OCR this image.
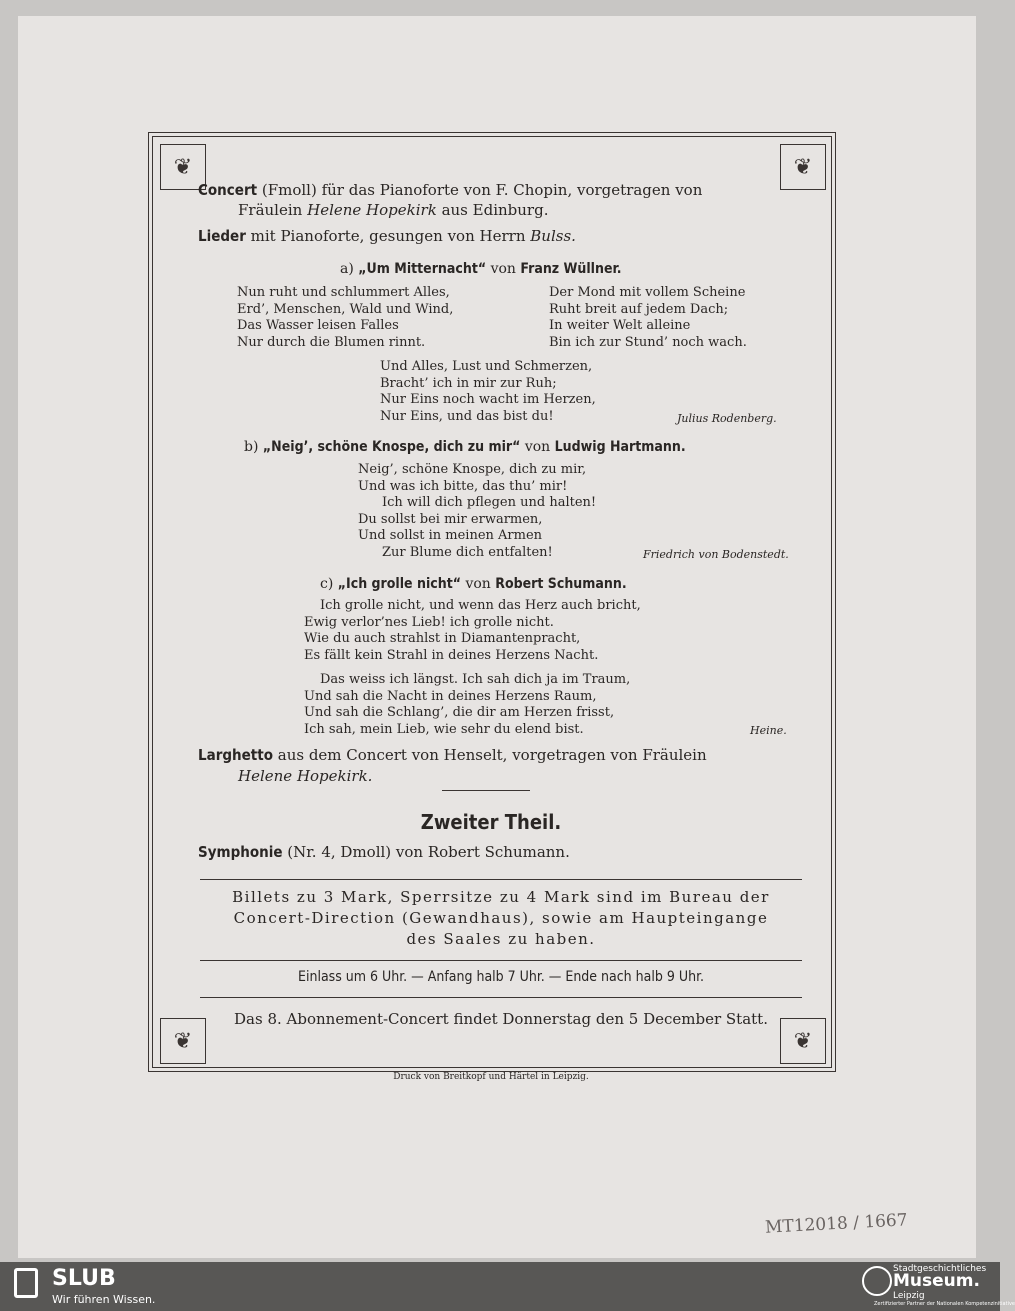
❦	❦
❦	❦
Concert (Fmoll) für das Pianoforte von F. Chopin, vorgetragen von
Fräulein Helene Hopekirk aus Edinburg.
Lieder mit Pianoforte, gesungen von Herrn Bulss.
a) „Um Mitternacht“ von Franz Wüllner.
Nun ruht und schlummert Alles,
Erd’, Menschen, Wald und Wind,
Das Wasser leisen Falles
Nur durch die Blumen rinnt.
Der Mond mit vollem Scheine
Ruht breit auf jedem Dach;
In weiter Welt alleine
Bin ich zur Stund’ noch wach.
Und Alles, Lust und Schmerzen,
Bracht’ ich in mir zur Ruh;
Nur Eins noch wacht im Herzen,
Nur Eins, und das bist du!	Julius Rodenberg.
b) „Neig’, schöne Knospe, dich zu mir“ von Ludwig Hartmann.
Neig’, schöne Knospe, dich zu mir,
Und was ich bitte, das thu’ mir!
Ich will dich pflegen und halten!
Du sollst bei mir erwarmen,
Und sollst in meinen Armen
Zur Blume dich entfalten!	Friedrich von Bodenstedt.
c) „Ich grolle nicht“ von Robert Schumann.
Ich grolle nicht, und wenn das Herz auch bricht,
Ewig verlor’nes Lieb! ich grolle nicht.
Wie du auch strahlst in Diamantenpracht,
Es fällt kein Strahl in deines Herzens Nacht.
Das weiss ich längst. Ich sah dich ja im Traum,
Und sah die Nacht in deines Herzens Raum,
Und sah die Schlang’, die dir am Herzen frisst,
Ich sah, mein Lieb, wie sehr du elend bist.	Heine.
Larghetto aus dem Concert von Henselt, vorgetragen von Fräulein
Helene Hopekirk.
Zweiter Theil.
Symphonie (Nr. 4, Dmoll) von Robert Schumann.
Billets zu 3 Mark, Sperrsitze zu 4 Mark sind im Bureau der
Concert-Direction (Gewandhaus), sowie am Haupteingange
des Saales zu haben.
Einlass um 6 Uhr. — Anfang halb 7 Uhr. — Ende nach halb 9 Uhr.
Das 8. Abonnement-Concert findet Donnerstag den 5 December Statt.
Druck von Breitkopf und Härtel in Leipzig.
MT12018 / 1667
SLUB
Wir führen Wissen.
Stadtgeschichtliches
Museum.
Leipzig
Zertifizierter Partner der Nationalen Kompetenzinitiative
